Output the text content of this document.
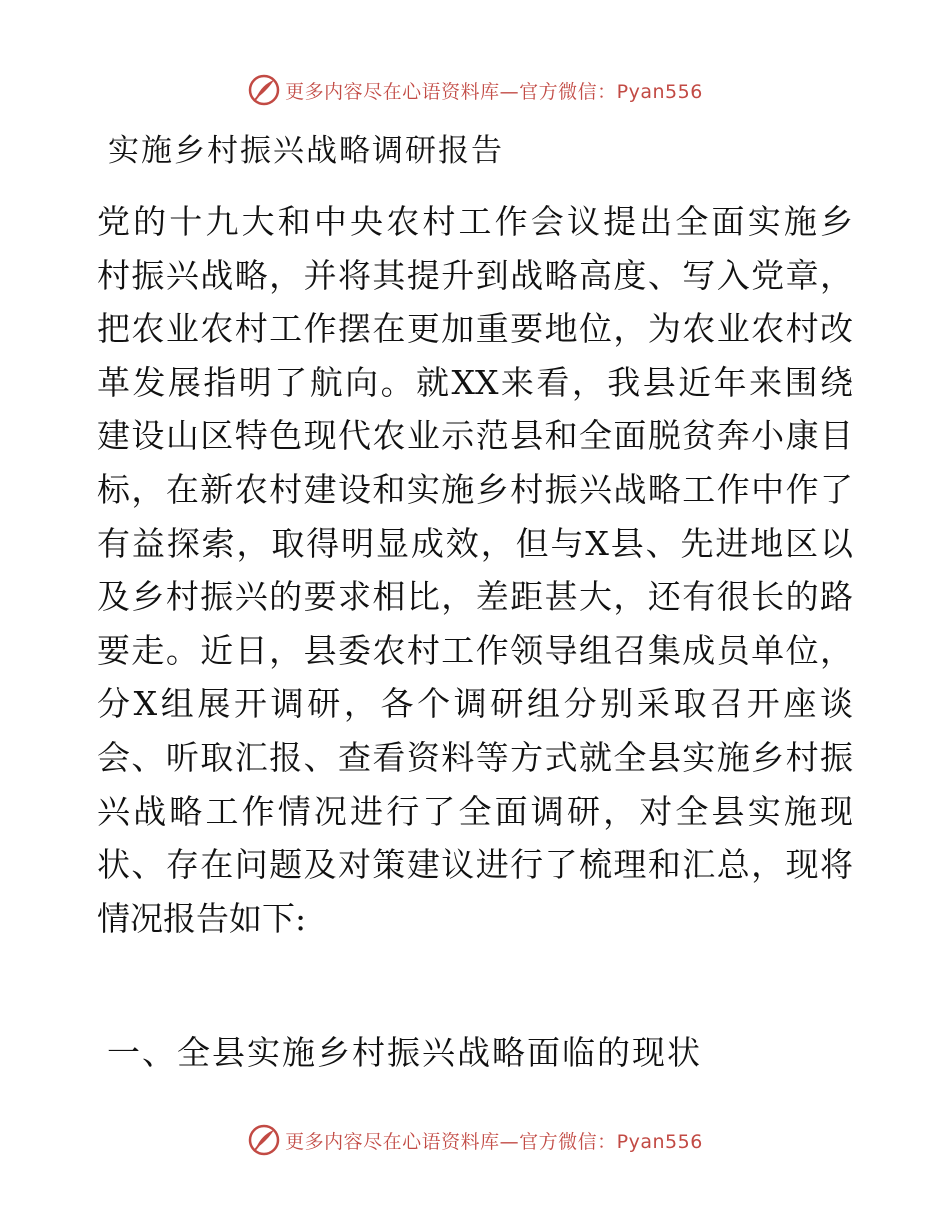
更多内容尽在心语资料库—官方微信：Pyan556
实施乡村振兴战略调研报告
党的十九大和中央农村工作会议提出全面实施乡
村振兴战略，并将其提升到战略高度、写入党章，
把农业农村工作摆在更加重要地位，为农业农村改
革发展指明了航向。就XX来看，我县近年来围绕
建设山区特色现代农业示范县和全面脱贫奔小康目
标，在新农村建设和实施乡村振兴战略工作中作了
有益探索，取得明显成效，但与X县、先进地区以
及乡村振兴的要求相比，差距甚大，还有很长的路
要走。近日，县委农村工作领导组召集成员单位，
分X组展开调研，各个调研组分别采取召开座谈
会、听取汇报、查看资料等方式就全县实施乡村振
兴战略工作情况进行了全面调研，对全县实施现
状、存在问题及对策建议进行了梳理和汇总，现将
情况报告如下:
一、全县实施乡村振兴战略面临的现状
更多内容尽在心语资料库—官方微信：Pyan556
